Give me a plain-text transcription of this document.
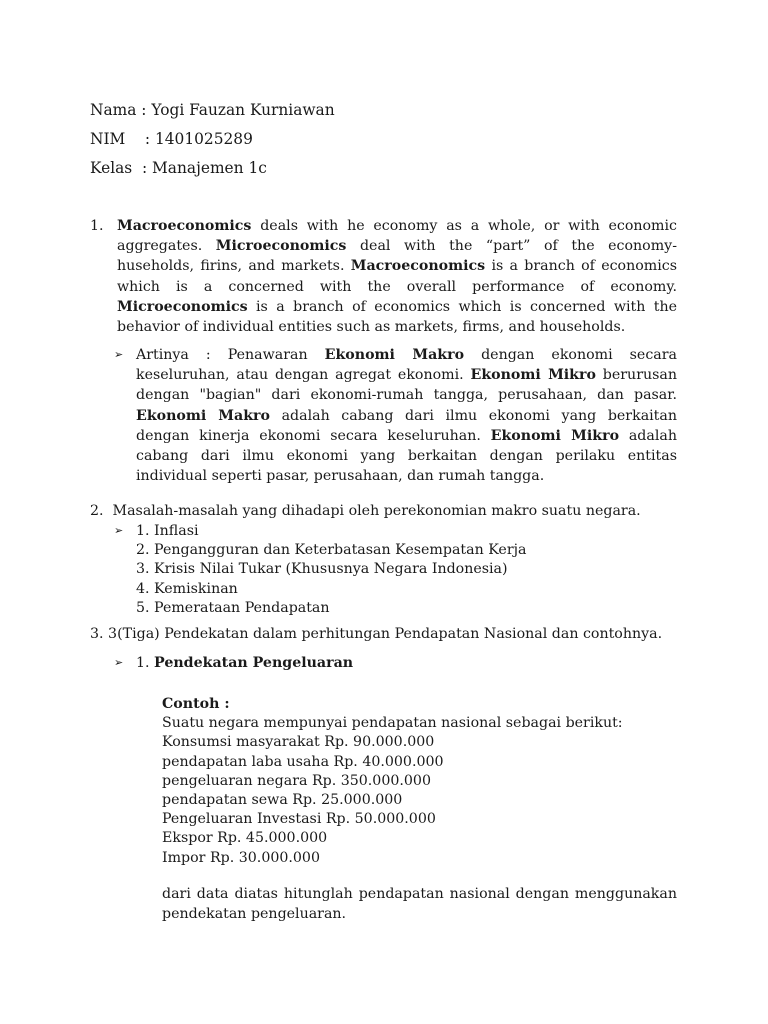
Nama : Yogi Fauzan Kurniawan
NIM    : 1401025289
Kelas  : Manajemen 1c
1. Macroeconomics deals with he economy as a whole, or with economic aggregates. Microeconomics deal with the “part” of the economy-huseholds, firins, and markets. Macroeconomics is a branch of economics which is a concerned with the overall performance of economy. Microeconomics is a branch of economics which is concerned with the behavior of individual entities such as markets, firms, and households.
➢ Artinya : Penawaran Ekonomi Makro dengan ekonomi secara keseluruhan, atau dengan agregat ekonomi. Ekonomi Mikro berurusan dengan "bagian" dari ekonomi-rumah tangga, perusahaan, dan pasar. Ekonomi Makro adalah cabang dari ilmu ekonomi yang berkaitan dengan kinerja ekonomi secara keseluruhan. Ekonomi Mikro adalah cabang dari ilmu ekonomi yang berkaitan dengan perilaku entitas individual seperti pasar, perusahaan, dan rumah tangga.
2.  Masalah-masalah yang dihadapi oleh perekonomian makro suatu negara.
➢ 1. Inflasi
2. Pengangguran dan Keterbatasan Kesempatan Kerja
3. Krisis Nilai Tukar (Khususnya Negara Indonesia)
4. Kemiskinan
5. Pemerataan Pendapatan
3. 3(Tiga) Pendekatan dalam perhitungan Pendapatan Nasional dan contohnya.
➢ 1. Pendekatan Pengeluaran
Contoh :
Suatu negara mempunyai pendapatan nasional sebagai berikut:
Konsumsi masyarakat Rp. 90.000.000
pendapatan laba usaha Rp. 40.000.000
pengeluaran negara Rp. 350.000.000
pendapatan sewa Rp. 25.000.000
Pengeluaran Investasi Rp. 50.000.000
Ekspor Rp. 45.000.000
Impor Rp. 30.000.000
dari data diatas hitunglah pendapatan nasional dengan menggunakan pendekatan pengeluaran.
